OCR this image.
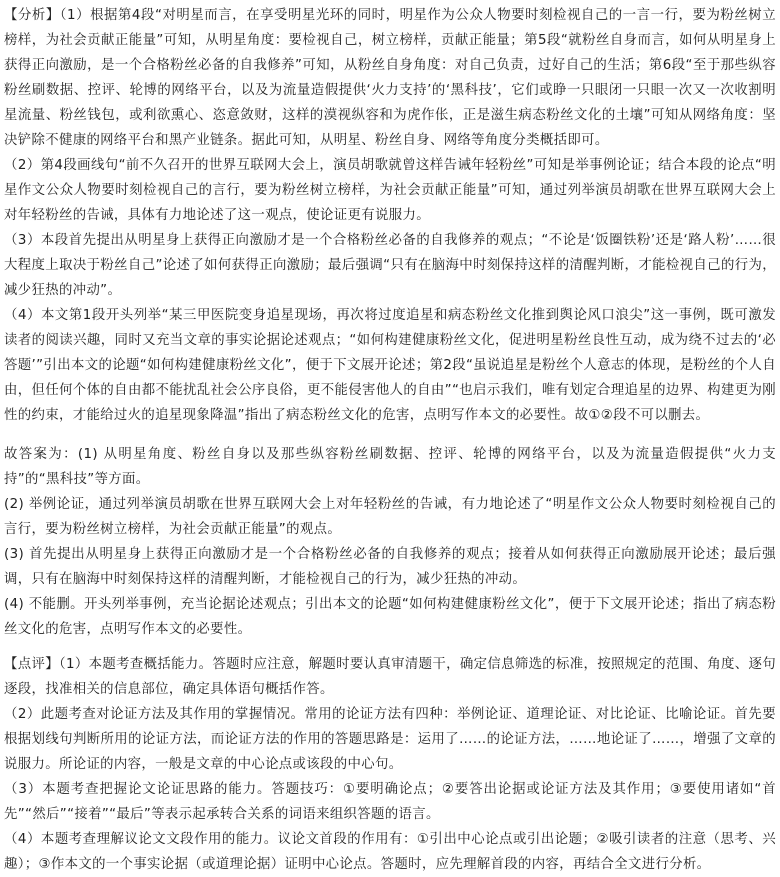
【分析】（1）根据第4段“对明星而言，在享受明星光环的同时，明星作为公众人物要时刻检视自己的一言一行，要为粉丝树立榜样，为社会贡献正能量”可知，从明星角度：要检视自己，树立榜样，贡献正能量；第5段“就粉丝自身而言，如何从明星身上获得正向激励，是一个合格粉丝必备的自我修养”可知，从粉丝自身角度：对自己负责，过好自己的生活；第6段“至于那些纵容粉丝刷数据、控评、轮博的网络平台，以及为流量造假提供‘火力支持’的‘黑科技’，它们或睁一只眼闭一只眼一次又一次收割明星流量、粉丝钱包，或利欲熏心、恣意敛财，这样的漠视纵容和为虎作伥，正是滋生病态粉丝文化的土壤”可知从网络角度：坚决铲除不健康的网络平台和黑产业链条。据此可知，从明星、粉丝自身、网络等角度分类概括即可。

（2）第4段画线句“前不久召开的世界互联网大会上，演员胡歌就曾这样告诫年轻粉丝”可知是举事例论证；结合本段的论点“明星作文公众人物要时刻检视自己的言行，要为粉丝树立榜样，为社会贡献正能量”可知，通过列举演员胡歌在世界互联网大会上对年轻粉丝的告诫，具体有力地论述了这一观点，使论证更有说服力。

（3）本段首先提出从明星身上获得正向激励才是一个合格粉丝必备的自我修养的观点；“不论是‘饭圈铁粉’还是‘路人粉’……很大程度上取决于粉丝自己”论述了如何获得正向激励；最后强调“只有在脑海中时刻保持这样的清醒判断，才能检视自己的行为，减少狂热的冲动”。

（4）本文第1段开头列举“某三甲医院变身追星现场，再次将过度追星和病态粉丝文化推到舆论风口浪尖”这一事例，既可激发读者的阅读兴趣，同时又充当文章的事实论据论述观点；“如何构建健康粉丝文化，促进明星粉丝良性互动，成为绕不过去的‘必答题’”引出本文的论题“如何构建健康粉丝文化”，便于下文展开论述；第2段“虽说追星是粉丝个人意志的体现，是粉丝的个人自由，但任何个体的自由都不能扰乱社会公序良俗，更不能侵害他人的自由”“也启示我们，唯有划定合理追星的边界、构建更为刚性的约束，才能给过火的追星现象降温”指出了病态粉丝文化的危害，点明写作本文的必要性。故①②段不可以删去。

故答案为：(1) 从明星角度、粉丝自身以及那些纵容粉丝刷数据、控评、轮博的网络平台，以及为流量造假提供“火力支持”的“黑科技”等方面。

(2) 举例论证，通过列举演员胡歌在世界互联网大会上对年轻粉丝的告诫，有力地论述了“明星作文公众人物要时刻检视自己的言行，要为粉丝树立榜样，为社会贡献正能量”的观点。

(3) 首先提出从明星身上获得正向激励才是一个合格粉丝必备的自我修养的观点；接着从如何获得正向激励展开论述；最后强调，只有在脑海中时刻保持这样的清醒判断，才能检视自己的行为，减少狂热的冲动。

(4) 不能删。开头列举事例，充当论据论述观点；引出本文的论题“如何构建健康粉丝文化”，便于下文展开论述；指出了病态粉丝文化的危害，点明写作本文的必要性。

【点评】（1）本题考查概括能力。答题时应注意，解题时要认真审清题干，确定信息筛选的标准，按照规定的范围、角度、逐句逐段，找准相关的信息部位，确定具体语句概括作答。

（2）此题考查对论证方法及其作用的掌握情况。常用的论证方法有四种：举例论证、道理论证、对比论证、比喻论证。首先要根据划线句判断所用的论证方法，而论证方法的作用的答题思路是：运用了……的论证方法，……地论证了……，增强了文章的说服力。所论证的内容，一般是文章的中心论点或该段的中心句。

（3）本题考查把握论文论证思路的能力。答题技巧：①要明确论点；②要答出论据或论证方法及其作用；③要使用诸如“首先”“然后”“接着”“最后”等表示起承转合关系的词语来组织答题的语言。

（4）本题考查理解议论文文段作用的能力。议论文首段的作用有：①引出中心论点或引出论题；②吸引读者的注意（思考、兴趣）；③作本文的一个事实论据（或道理论据）证明中心论点。答题时，应先理解首段的内容，再结合全文进行分析。
